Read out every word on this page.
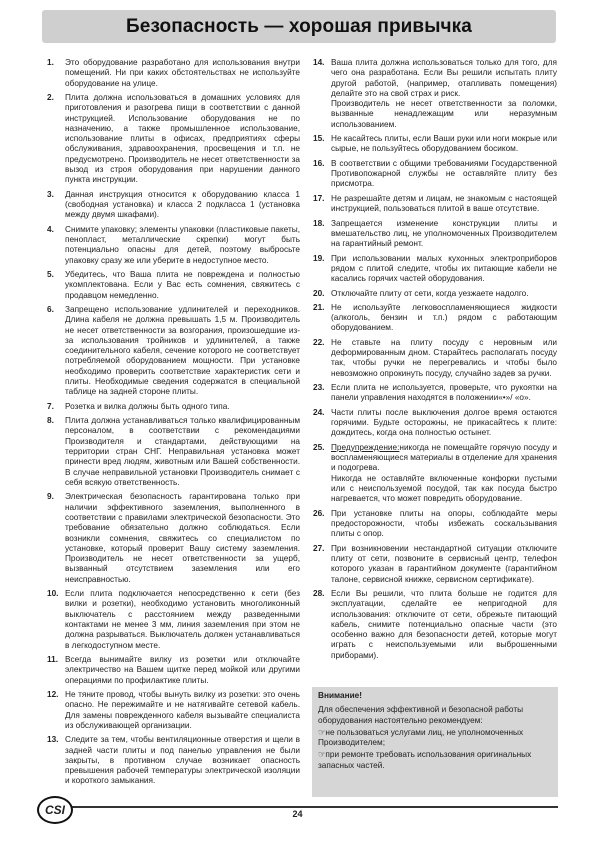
Безопасность — хорошая привычка
1.	Это оборудование разработано для использования внутри помещений. Ни при каких обстоятельствах не используйте оборудование на улице.
2.	Плита должна использоваться в домашних условиях для приготовления и разогрева пищи в соответствии с данной инструкцией. Использование оборудования не по назначению, а также промышленное использование, использование плиты в офисах, предприятиях сферы обслуживания, здравоохранения, просвещения и т.п. не предусмотрено. Производитель не несет ответственности за вызод из строя оборудования при нарушении данного пункта инструкции.
3.	Данная инструкция относится к оборудованию класса 1 (свободная установка) и класса 2 подкласса 1 (установка между двумя шкафами).
4.	Снимите упаковку; элементы упаковки (пластиковые пакеты, пенопласт, металлические скрепки) могут быть потенциально опасны для детей, поэтому выбросьте упаковку сразу же или уберите в недоступное место.
5.	Убедитесь, что Ваша плита не повреждена и полностью укомплектована. Если у Вас есть сомнения, свяжитесь с продавцом немедленно.
6.	Запрещено использование удлинителей и переходников. Длина кабеля не должна превышать 1,5 м. Производитель не несет ответственности за возгорания, произошедшие из-за использования тройников и удлинителей, а также соединительного кабеля, сечение которого не соответствует потребляемой оборудованием мощности. При установке необходимо проверить соответствие характеристик сети и плиты. Необходимые сведения содержатся в специальной таблице на задней стороне плиты.
7.	Розетка и вилка должны быть одного типа.
8.	Плита должна устанавливаться только квалифицированным персоналом, в соответствии с рекомендациями Производителя и стандартами, действующими на территории стран СНГ. Неправильная установка может принести вред людям, животным или Вашей собственности. В случае неправильной установки Производитель снимает с себя всякую ответственность.
9.	Электрическая безопасность гарантирована только при наличии эффективного заземления, выполненного в соответствии с правилами электрической безопасности. Это требование обязательно должно соблюдаться. Если возникли сомнения, свяжитесь со специалистом по установке, который проверит Вашу систему заземления. Производитель не несет ответственности за ущерб, вызванный отсутствием заземления или его неисправностью.
10. Если плита подключается непосредственно к сети (без вилки и розетки), необходимо установить многоликонный выключатель с расстоянием между разведенными контактами не менее 3 мм, линия заземления при этом не должна разрываться. Выключатель должен устанавливаться в легкодоступном месте.
11. Всегда вынимайте вилку из розетки или отключайте электричество на Вашем щитке перед мойкой или другими операциями по профилактике плиты.
12. Не тяните провод, чтобы вынуть вилку из розетки: это очень опасно. Не пережимайте и не натягивайте сетевой кабель. Для замены поврежденного кабеля вызывайте специалиста из обслуживающей организации.
13. Следите за тем, чтобы вентиляционные отверстия и щели в задней части плиты и под панелью управления не были закрыты, в противном случае возникает опасность превышения рабочей температуры электрической изоляции и короткого замыкания.
14. Ваша плита должна использоваться только для того, для чего она разработана. Если Вы решили испытать плиту другой работой, (например, отапливать помещения) делайте это на свой страх и риск.
Производитель не несет ответственности за поломки, вызванные ненадлежащим или неразумным использованием.
15. Не касайтесь плиты, если Ваши руки или ноги мокрые или сырые, не пользуйтесь оборудованием босиком.
16. В соответствии с общими требованиями Государственной Противопожарной службы не оставляйте плиту без присмотра.
17. Не разрешайте детям и лицам, не знакомым с настоящей инструкцией, пользоваться плитой в ваше отсутствие.
18. Запрещается изменение конструкции плиты и вмешательство лиц, не уполномоченных Производителем на гарантийный ремонт.
19. При использовании малых кухонных электроприборов рядом с плитой следите, чтобы их питающие кабели не касались горячих частей оборудования.
20. Отключайте плиту от сети, когда уезжаете надолго.
21. Не используйте легковоспламеняющиеся жидкости (алкоголь, бензин и т.п.) рядом с работающим оборудованием.
22. Не ставьте на плиту посуду с неровным или деформированным дном. Старайтесь располагать посуду так, чтобы ручки не перегревались и чтобы было невозможно опрокинуть посуду, случайно задев за ручки.
23. Если плита не используется, проверьте, что рукоятки на панели управления находятся в положении«•»/ «о».
24. Части плиты после выключения долгое время остаются горячими. Будьте осторожны, не прикасайтесь к плите: дождитесь, когда она полностью остынет.
25. Предупреждение:никогда не помещайте горячую посуду и воспламеняющиеся материалы в отделение для хранения и подогрева.
Никогда не оставляйте включенные конфорки пустыми или с неиспользуемой посудой, так как посуда быстро нагревается, что может повредить оборудование.
26. При установке плиты на опоры, соблюдайте меры предосторожности, чтобы избежать соскальзывания плиты с опор.
27. При возникновении нестандартной ситуации отключите плиту от сети, позвоните в сервисный центр, телефон которого указан в гарантийном документе (гарантийном талоне, сервисной книжке, сервисном сертификате).
28. Если Вы решили, что плита больше не годится для эксплуатации, сделайте ее непригодной для использования: отключите от сети, обрежьте питающий кабель, снимите потенциально опасные части (это особенно важно для безопасности детей, которые могут играть с неиспользуемыми или выброшенными приборами).
Внимание!

Для обеспечения эффективной и безопасной работы оборудования настоятельно рекомендуем:

☞не пользоваться услугами лиц, не уполномоченных Производителем;

☞при ремонте требовать использования оригинальных запасных частей.

CSI	24
